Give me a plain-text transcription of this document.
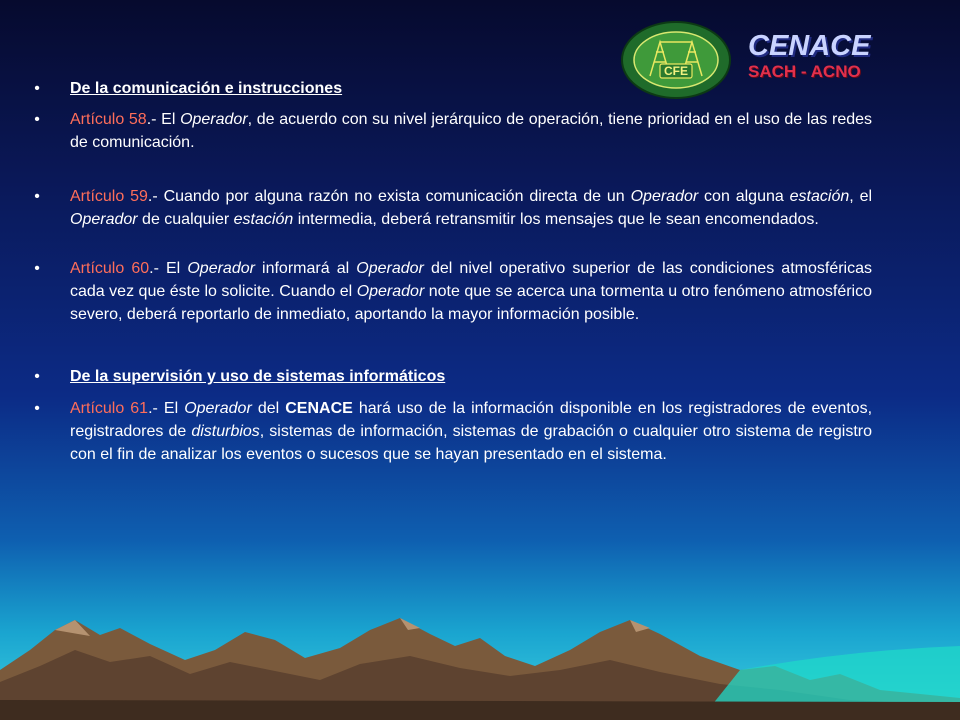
CFE
CENACE
SACH - ACNO
• De la comunicación e instrucciones
• Artículo 58.- El Operador, de acuerdo con su nivel jerárquico de operación, tiene prioridad en el uso de las redes de comunicación.
• Artículo 59.- Cuando por alguna razón no exista comunicación directa de un Operador con alguna estación, el Operador de cualquier estación intermedia, deberá retransmitir los mensajes que le sean encomendados.
• Artículo 60.- El Operador informará al Operador del nivel operativo superior de las condiciones atmosféricas cada vez que éste lo solicite. Cuando el Operador note que se acerca una tormenta u otro fenómeno atmosférico severo, deberá reportarlo de inmediato, aportando la mayor información posible.
• De la supervisión y uso de sistemas informáticos
• Artículo 61.- El Operador del CENACE hará uso de la información disponible en los registradores de eventos, registradores de disturbios, sistemas de información, sistemas de grabación o cualquier otro sistema de registro con el fin de analizar los eventos o sucesos que se hayan presentado en el sistema.
